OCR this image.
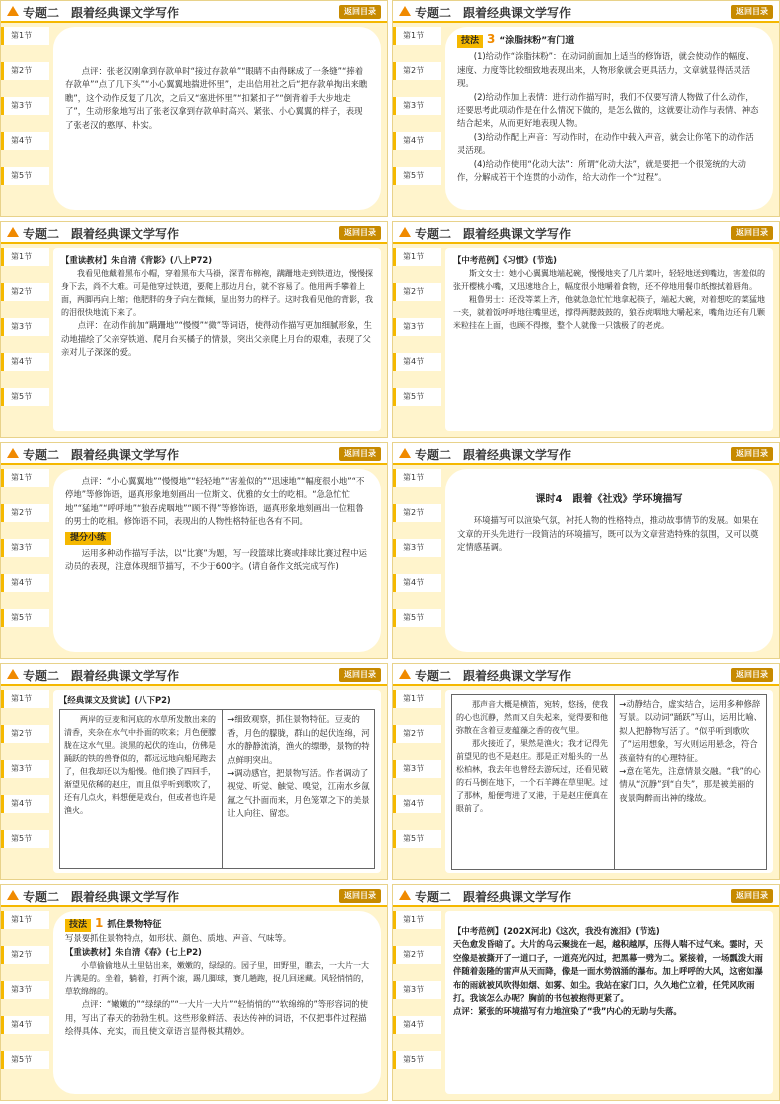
专题二　跟着经典课文学写作	返回目录
第1节
第2节
第3节
第4节
第5节

点评：张老汉刚拿到存款单时“接过存款单”“眼睛不由得眯成了一条缝”“捧着存款单”“点了几下头”“小心翼翼地揣进怀里”，走出信用社之后“把存款单掏出来瞧瞧”，这个动作反复了几次，之后又“塞进怀里”“扣紧扣子”“倒背着手大步地走了”，生动形象地写出了张老汉拿到存款单时高兴、紧张、小心翼翼的样子，表现了张老汉的憨厚、朴实。

专题二　跟着经典课文学写作	返回目录
第1节
第2节
第3节
第4节
第5节
技法 3 “涂脂抹粉”有门道

(1)给动作“涂脂抹粉”：在动词前面加上适当的修饰语，就会使动作的幅度、速度、力度等比较细致地表现出来，人物形象就会更具活力，文章就显得活灵活现。

(2)给动作加上表情：进行动作描写时，我们不仅要写清人物做了什么动作，还要思考此项动作是在什么情况下做的，是怎么做的，这就要让动作与表情、神态结合起来，从而更好地表现人物。

(3)给动作配上声音：写动作时，在动作中载入声音，就会让你笔下的动作活灵活现。

(4)给动作使用“化动大法”：所谓“化动大法”，就是要把一个很笼统的大动作，分解成若干个连贯的小动作，给大动作一个“过程”。

专题二　跟着经典课文学写作	返回目录
第1节
第2节
第3节
第4节
第5节

【重读教材】朱自清《背影》(八上P72)

我看见他戴着黑布小帽，穿着黑布大马褂，深青布棉袍，蹒跚地走到铁道边，慢慢探身下去，尚不大难。可是他穿过铁道，要爬上那边月台，就不容易了。他用两手攀着上面，两脚再向上缩；他肥胖的身子向左微倾，显出努力的样子。这时我看见他的背影，我的泪很快地流下来了。

点评：在动作前加“蹒跚地”“慢慢”“微”等词语，使得动作描写更加细腻形象，生动地描绘了父亲穿铁道、爬月台买橘子的情景，突出父亲爬上月台的艰难，表现了父亲对儿子深深的爱。

专题二　跟着经典课文学写作	返回目录
第1节
第2节
第3节
第4节
第5节

【中考范例】《习惯》(节选)

斯文女士：她小心翼翼地端起碗，慢慢地夹了几片菜叶，轻轻地送到嘴边，害羞似的张开樱桃小嘴，又迅速地合上，幅度很小地嚼着食物，还不停地用餐巾纸擦拭着唇角。

粗鲁男士：还没等菜上齐，他就急急忙忙地拿起筷子，端起大碗，对着想吃的菜猛地一夹，就着饭呼呼地往嘴里送，撑得两腮鼓鼓的，狼吞虎咽地大嚼起来，嘴角边还有几颗米粒挂在上面，也顾不得擦，整个人就像一只饿极了的老虎。

专题二　跟着经典课文学写作	返回目录
第1节
第2节
第3节
第4节
第5节

点评：“小心翼翼地”“慢慢地”“轻轻地”“害羞似的”“迅速地”“幅度很小地”“不停地”等修饰语，逼真形象地刻画出一位斯文、优雅的女士的吃相。“急急忙忙地”“猛地”“呼呼地”“狼吞虎咽地”“顾不得”等修饰语，逼真形象地刻画出一位粗鲁的男士的吃相。修饰语不同，表现出的人物性格特征也各有不同。

提分小练

运用多种动作描写手法，以“比赛”为题，写一段篮球比赛或排球比赛过程中运动员的表现，注意体现细节描写，不少于600字。(请自备作文纸完成写作)

专题二　跟着经典课文学写作	返回目录
第1节
第2节
第3节
第4节
第5节
课时4　跟着《社戏》学环境描写

环境描写可以渲染气氛，衬托人物的性格特点，推动故事情节的发展。如果在文章的开头先进行一段简洁的环境描写，既可以为文章营造特殊的氛围，又可以奠定情感基调。

专题二　跟着经典课文学写作	返回目录
第1节
第2节
第3节
第4节
第5节

【经典课文及赏读】(八下P2)

两岸的豆麦和河底的水草所发散出来的清香，夹杂在水气中扑面的吹来；月色便朦胧在这水气里。淡黑的起伏的连山，仿佛是踊跃的铁的兽脊似的，都远远地向船尾跑去了，但我却还以为船慢。他们换了四回手，渐望见依稀的赵庄，而且似乎听到歌吹了，还有几点火，料想便是戏台，但或者也许是渔火。

→细致观察，抓住景物特征。豆麦的香，月色的朦胧，群山的起伏连绵，河水的静静流淌，渔火的缥缈，景物的特点鲜明突出。

→调动感官，把景物写活。作者调动了视觉、听觉、触觉、嗅觉，江南水乡氤氲之气扑面而来，月色笼罩之下的美景让人向往、留恋。

专题二　跟着经典课文学写作	返回目录
第1节
第2节
第3节
第4节
第5节

那声音大概是横笛，宛转，悠扬，使我的心也沉静，然而又自失起来，觉得要和他弥散在含着豆麦蕴藻之香的夜气里。

那火接近了，果然是渔火；我才记得先前望见的也不是赵庄。那是正对船头的一丛松柏林，我去年也曾经去游玩过，还看见破的石马倒在地下，一个石羊蹲在草里呢。过了那林，船便弯进了叉港，于是赵庄便真在眼前了。

→动静结合，虚实结合，运用多种修辞写景。以动词“踊跃”写山，运用比喻、拟人把静物写活了。“似乎听到歌吹了”运用想象，写火则运用悬念，符合孩童特有的心理特征。

→意在笔先，注意情景交融。“我”的心情从“沉静”到“自失”，那是被美丽的夜景陶醉而出神的缘故。

专题二　跟着经典课文学写作	返回目录
第1节
第2节
第3节
第4节
第5节
技法 1 抓住景物特征

写景要抓住景物特点，如形状、颜色、质地、声音、气味等。

【重读教材】朱自清《春》(七上P2)

小草偷偷地从土里钻出来，嫩嫩的，绿绿的。园子里，田野里，瞧去，一大片一大片满是的。坐着，躺着，打两个滚，踢几脚球，赛几趟跑，捉几回迷藏。风轻悄悄的，草软绵绵的。

点评：“嫩嫩的”“绿绿的”“一大片一大片”“轻悄悄的”“软绵绵的”等形容词的使用，写出了春天的勃勃生机。这些形象鲜活、表达传神的词语，不仅把事件过程描绘得具体、充实，而且使文章语言显得极其精妙。

专题二　跟着经典课文学写作	返回目录
第1节
第2节
第3节
第4节
第5节

【中考范例】(202X河北)《这次，我没有流泪》(节选)

天色愈发昏暗了。大片的乌云聚拢在一起，越积越厚，压得人喘不过气来。霎时，天空像是被撕开了一道口子，一道亮光闪过，把黑幕一劈为二。紧接着，一场瓢泼大雨伴随着轰隆的雷声从天而降，像是一面水势汹涌的瀑布。加上呼呼的大风，这密如瀑布的雨就被风吹得如烟、如雾、如尘。我站在家门口，久久地伫立着，任凭风吹雨打。我该怎么办呢？胸前的书包被抱得更紧了。

点评：紧张的环境描写有力地渲染了“我”内心的无助与失落。
